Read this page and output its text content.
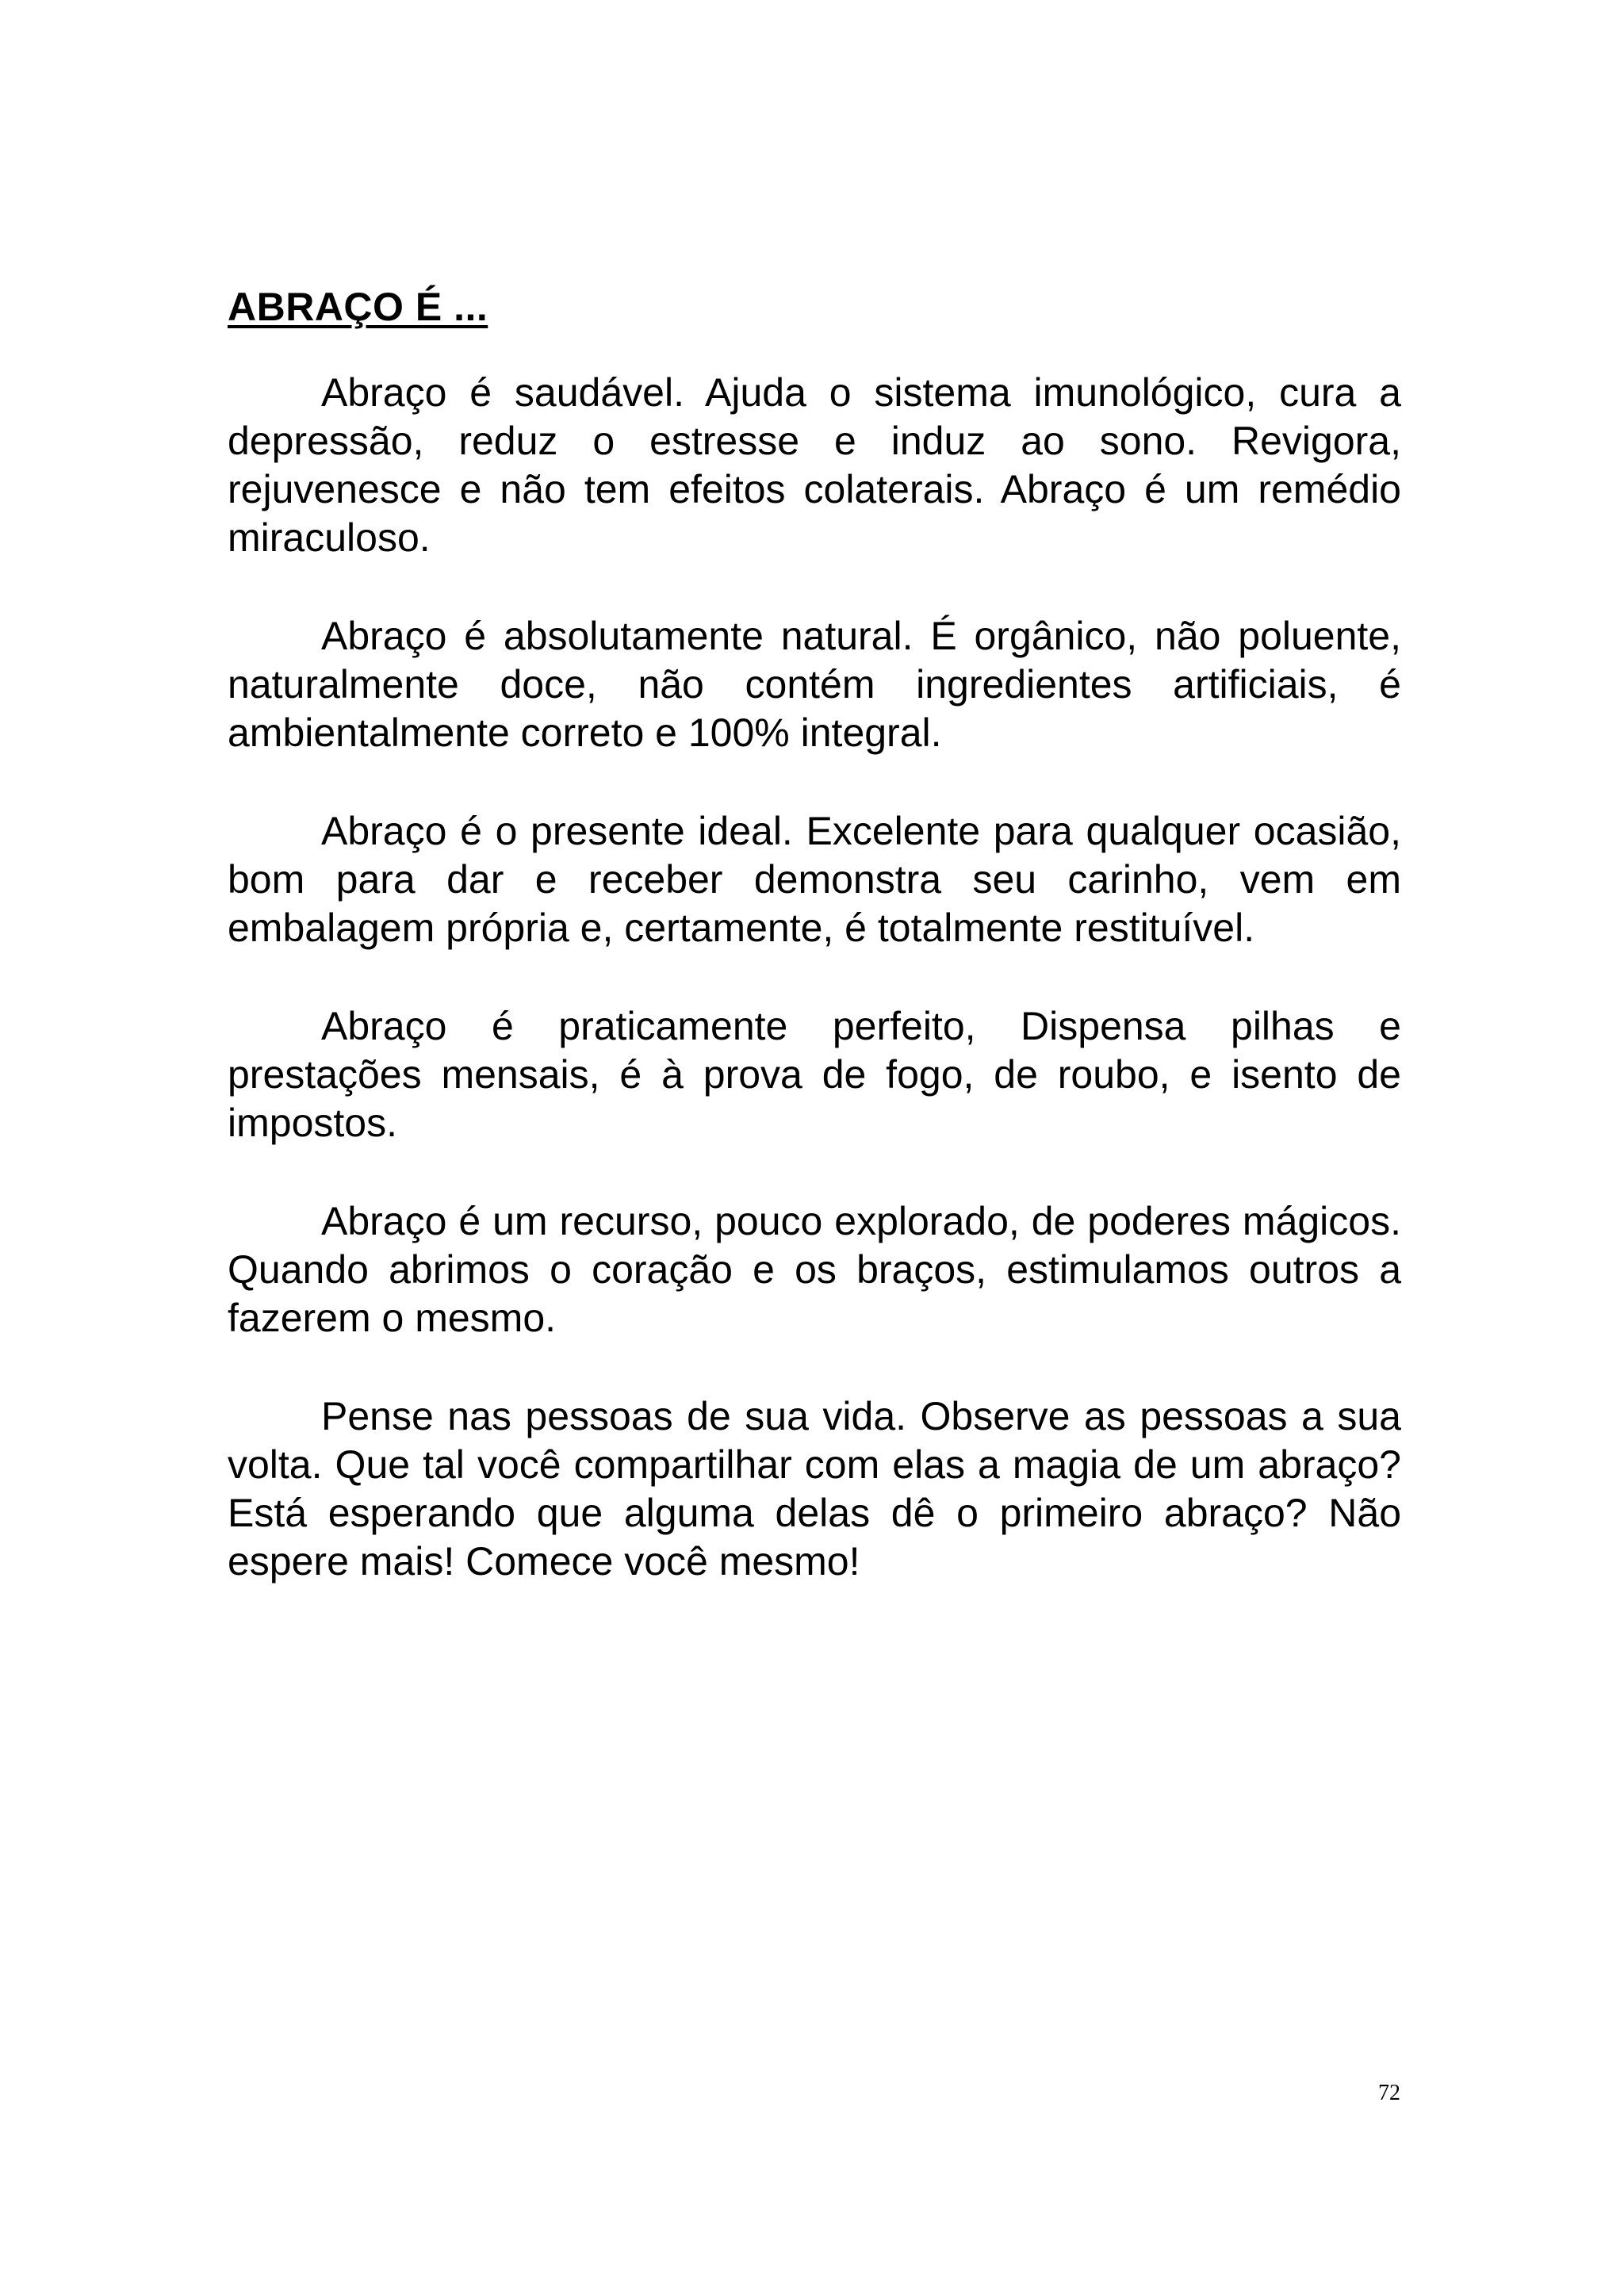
ABRAÇO É ...

Abraço é saudável. Ajuda o sistema imunológico, cura a depressão, reduz o estresse e induz ao sono. Revigora, rejuvenesce e não tem efeitos colaterais. Abraço é um remédio miraculoso.

Abraço é absolutamente natural. É orgânico, não poluente, naturalmente doce, não contém ingredientes artificiais, é ambientalmente correto e 100% integral.

Abraço é o presente ideal. Excelente para qualquer ocasião, bom para dar e receber demonstra seu carinho, vem em embalagem própria e, certamente, é totalmente restituível.

Abraço é praticamente perfeito, Dispensa pilhas e prestações mensais, é à prova de fogo, de roubo, e isento de impostos.

Abraço é um recurso, pouco explorado, de poderes mágicos. Quando abrimos o coração e os braços, estimulamos outros a fazerem o mesmo.

Pense nas pessoas de sua vida. Observe as pessoas a sua volta. Que tal você compartilhar com elas a magia de um abraço? Está esperando que alguma delas dê o primeiro abraço? Não espere mais! Comece você mesmo!

72
